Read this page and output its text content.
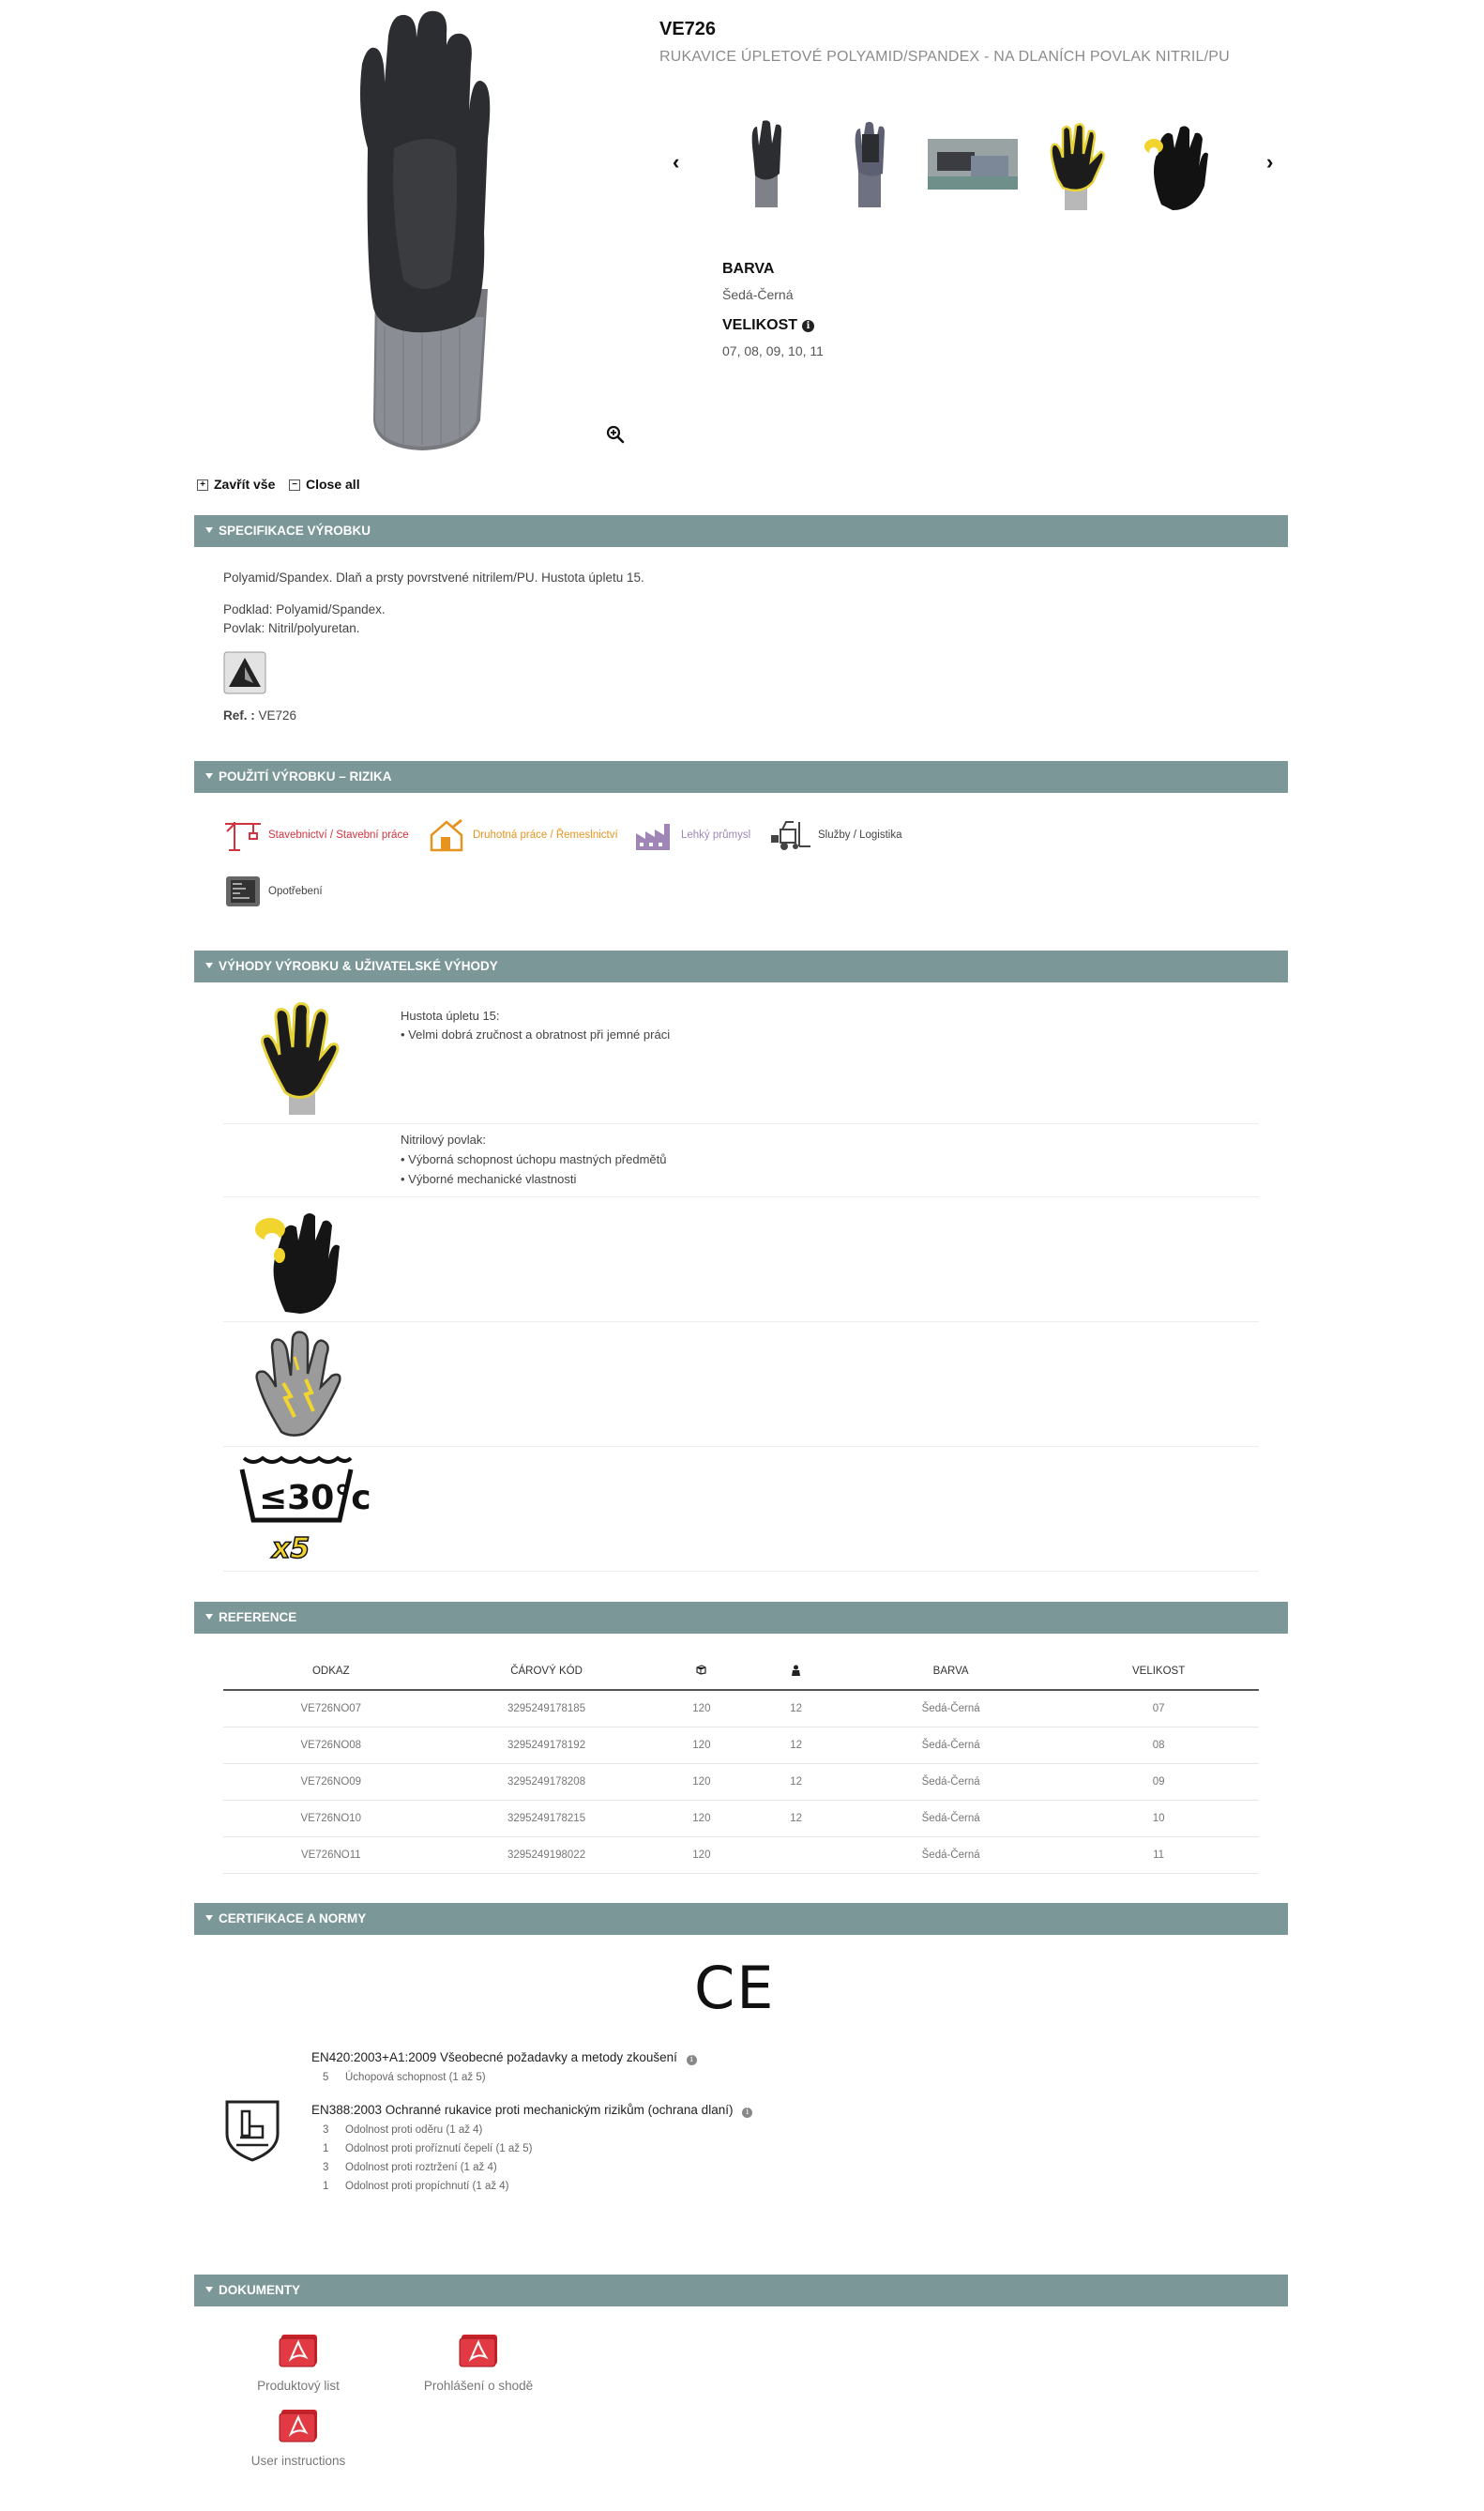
VE726
RUKAVICE ÚPLETOVÉ POLYAMID/SPANDEX - NA DLANÍCH POVLAK NITRIL/PU
‹	›
BARVA
Šedá-Černá
VELIKOST i
07, 08, 09, 10, 11
+ Zavřít vše	− Close all
SPECIFIKACE VÝROBKU
Polyamid/Spandex. Dlaň a prsty povrstvené nitrilem/PU. Hustota úpletu 15.
Podklad: Polyamid/Spandex.
Povlak: Nitril/polyuretan.
Ref. : VE726
POUŽITÍ VÝROBKU – RIZIKA
Stavebnictví / Stavební práce	Druhotná práce / Řemeslnictví	Lehký průmysl	Služby / Logistika
Opotřebení
VÝHODY VÝROBKU & UŽIVATELSKÉ VÝHODY
Hustota úpletu 15:
• Velmi dobrá zručnost a obratnost při jemné práci
Nitrilový povlak:
• Výborná schopnost úchopu mastných předmětů
• Výborné mechanické vlastnosti
≤30°c
x5
REFERENCE
ODKAZ	ČÁROVÝ KÓD			BARVA	VELIKOST
VE726NO07	3295249178185	120	12	Šedá-Černá	07
VE726NO08	3295249178192	120	12	Šedá-Černá	08
VE726NO09	3295249178208	120	12	Šedá-Černá	09
VE726NO10	3295249178215	120	12	Šedá-Černá	10
VE726NO11	3295249198022	120		Šedá-Černá	11
CERTIFIKACE A NORMY
CE
EN420:2003+A1:2009 Všeobecné požadavky a metody zkoušení i
5 Úchopová schopnost (1 až 5)
EN388:2003 Ochranné rukavice proti mechanickým rizikům (ochrana dlaní) i
3 Odolnost proti oděru (1 až 4)
1 Odolnost proti proříznutí čepelí (1 až 5)
3 Odolnost proti roztržení (1 až 4)
1 Odolnost proti propíchnutí (1 až 4)
DOKUMENTY
Produktový list	Prohlášení o shodě
User instructions
